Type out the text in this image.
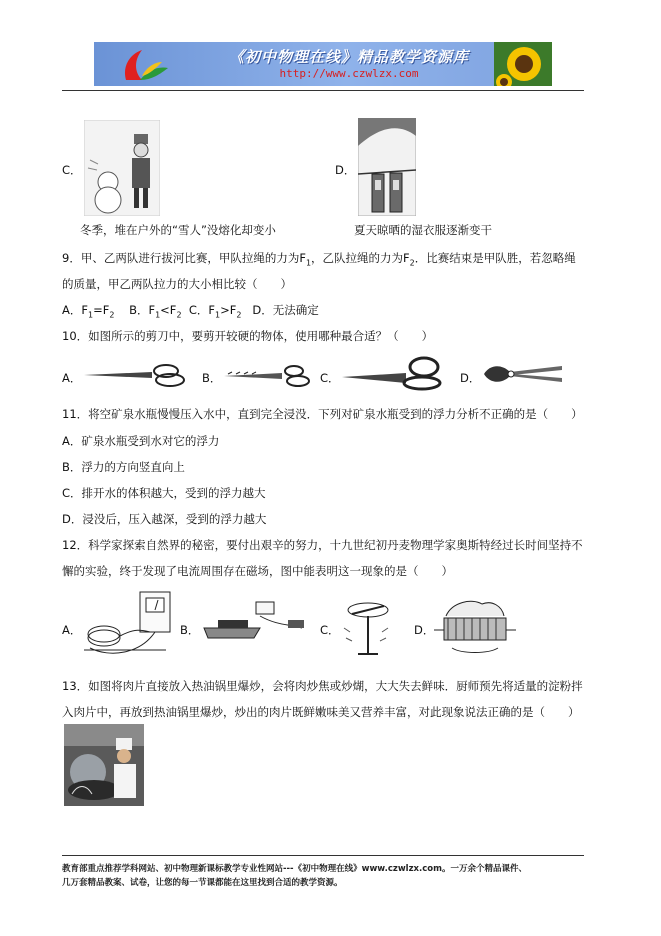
《初中物理在线》精品教学资源库
http://www.czwlzx.com
C．	D．
冬季，堆在户外的“雪人”没熔化却变小	夏天晾晒的湿衣服逐渐变干
9．甲、乙两队进行拔河比赛，甲队拉绳的力为$F_1$，乙队拉绳的力为$F_2$．比赛结束是甲队胜，若忽略绳
的质量，甲乙两队拉力的大小相比较（　　）
A．$F_1=F_2$ B．$F_1<F_2$ C．$F_1>F_2$ D．无法确定
10．如图所示的剪刀中，要剪开较硬的物体，使用哪种最合适？（　　）
A．	B．	C．	D．
11．将空矿泉水瓶慢慢压入水中，直到完全浸没．下列对矿泉水瓶受到的浮力分析不正确的是（　　）
A．矿泉水瓶受到水对它的浮力
B．浮力的方向竖直向上
C．排开水的体积越大，受到的浮力越大
D．浸没后，压入越深，受到的浮力越大
12．科学家探索自然界的秘密，要付出艰辛的努力，十九世纪初丹麦物理学家奥斯特经过长时间坚持不
懈的实验，终于发现了电流周围存在磁场，图中能表明这一现象的是（　　）
A．	B．	C．	D．
13．如图将肉片直接放入热油锅里爆炒，会将肉炒焦或炒煳，大大失去鲜味．厨师预先将适量的淀粉拌
入肉片中，再放到热油锅里爆炒，炒出的肉片既鲜嫩味美又营养丰富，对此现象说法正确的是（　　）
教育部重点推荐学科网站、初中物理新课标教学专业性网站---《初中物理在线》www.czwlzx.com。一万余个精品课件、
几万套精品教案、试卷，让您的每一节课都能在这里找到合适的教学资源。
